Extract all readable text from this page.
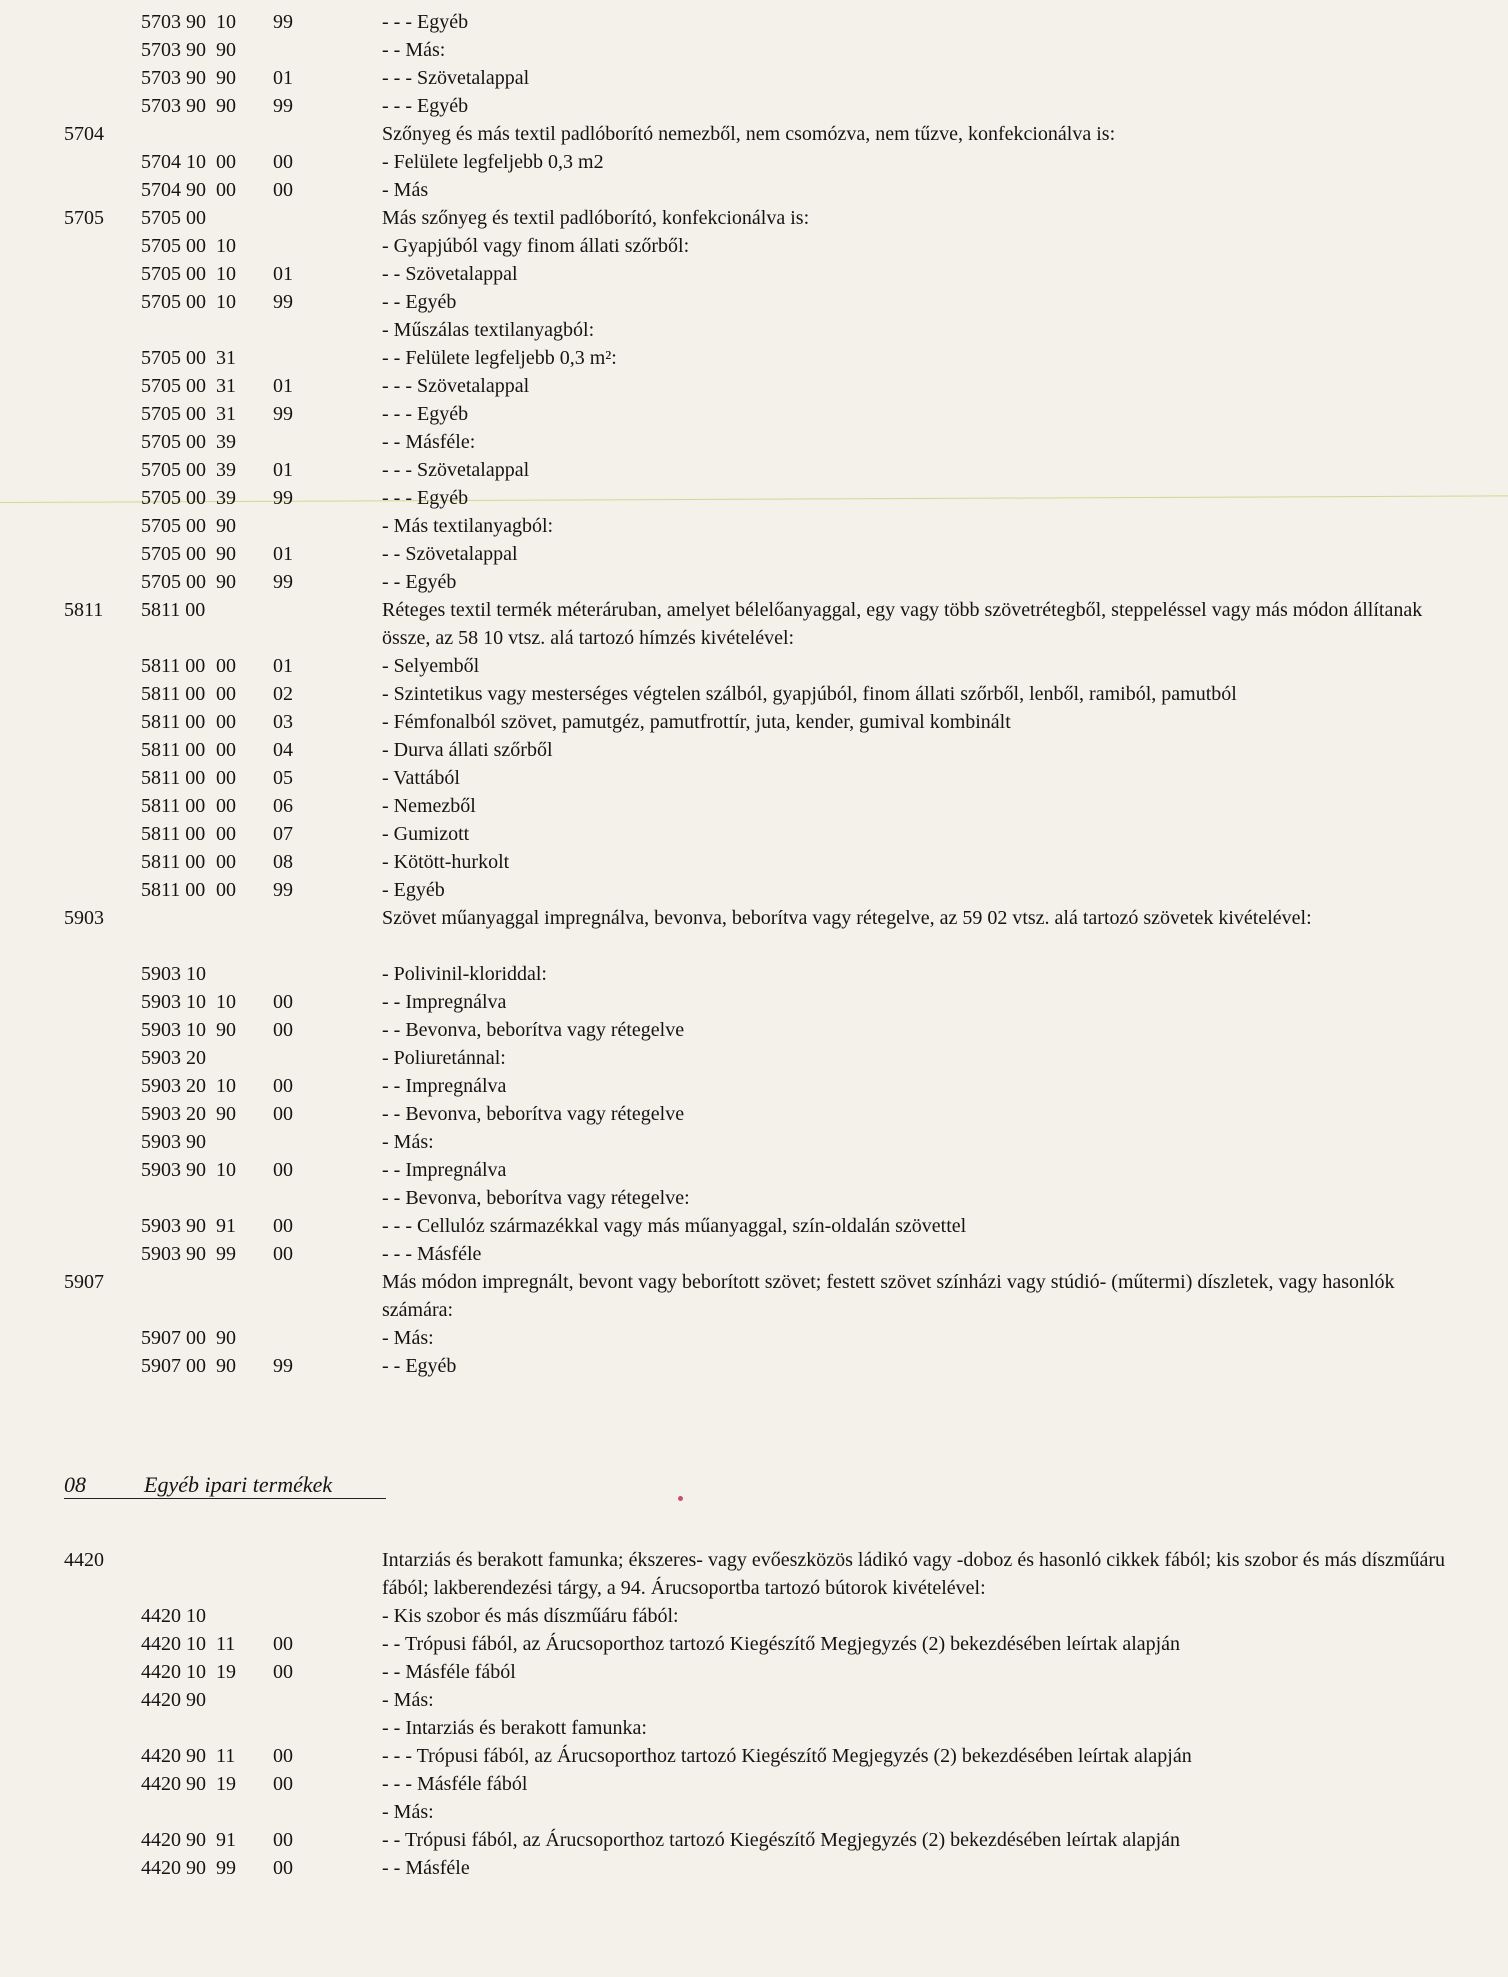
5703 90 10 99	- - - Egyéb
5703 90 90	- - Más:
5703 90 90 01	- - - Szövetalappal
5703 90 90 99	- - - Egyéb
5704	Szőnyeg és más textil padlóborító nemezből, nem csomózva, nem tűzve, konfekcionálva is:
5704 10 00 00	- Felülete legfeljebb 0,3 m2
5704 90 00 00	- Más
5705 5705 00	Más szőnyeg és textil padlóborító, konfekcionálva is:
5705 00 10	- Gyapjúból vagy finom állati szőrből:
5705 00 10 01	- - Szövetalappal
5705 00 10 99	- - Egyéb
- Műszálas textilanyagból:
5705 00 31	- - Felülete legfeljebb 0,3 m²:
5705 00 31 01	- - - Szövetalappal
5705 00 31 99	- - - Egyéb
5705 00 39	- - Másféle:
5705 00 39 01	- - - Szövetalappal
5705 00 39 99	- - - Egyéb
5705 00 90	- Más textilanyagból:
5705 00 90 01	- - Szövetalappal
5705 00 90 99	- - Egyéb
5811 5811 00	Réteges textil termék méteráruban, amelyet bélelőanyaggal, egy vagy több szövetrétegből, steppeléssel vagy más módon állítanak össze, az 58 10 vtsz. alá tartozó hímzés kivételével:
5811 00 00 01	- Selyemből
5811 00 00 02	- Szintetikus vagy mesterséges végtelen szálból, gyapjúból, finom állati szőrből, lenből, ramiból, pamutból
5811 00 00 03	- Fémfonalból szövet, pamutgéz, pamutfrottír, juta, kender, gumival kombinált
5811 00 00 04	- Durva állati szőrből
5811 00 00 05	- Vattából
5811 00 00 06	- Nemezből
5811 00 00 07	- Gumizott
5811 00 00 08	- Kötött-hurkolt
5811 00 00 99	- Egyéb
5903	Szövet műanyaggal impregnálva, bevonva, beborítva vagy rétegelve, az 59 02 vtsz. alá tartozó szövetek kivételével:
5903 10	- Polivinil-kloriddal:
5903 10 10 00	- - Impregnálva
5903 10 90 00	- - Bevonva, beborítva vagy rétegelve
5903 20	- Poliuretánnal:
5903 20 10 00	- - Impregnálva
5903 20 90 00	- - Bevonva, beborítva vagy rétegelve
5903 90	- Más:
5903 90 10 00	- - Impregnálva
- - Bevonva, beborítva vagy rétegelve:
5903 90 91 00	- - - Cellulóz származékkal vagy más műanyaggal, szín-oldalán szövettel
5903 90 99 00	- - - Másféle
5907	Más módon impregnált, bevont vagy beborított szövet; festett szövet színházi vagy stúdió- (műtermi) díszletek, vagy hasonlók számára:
5907 00 90	- Más:
5907 00 90 99	- - Egyéb
08	Egyéb ipari termékek
4420	Intarziás és berakott famunka; ékszeres- vagy evőeszközös ládikó vagy -doboz és hasonló cikkek fából; kis szobor és más díszműáru fából; lakberendezési tárgy, a 94. Árucsoportba tartozó bútorok kivételével:
4420 10	- Kis szobor és más díszműáru fából:
4420 10 11 00	- - Trópusi fából, az Árucsoporthoz tartozó Kiegészítő Megjegyzés (2) bekezdésében leírtak alapján
4420 10 19 00	- - Másféle fából
4420 90	- Más:
- - Intarziás és berakott famunka:
4420 90 11 00	- - - Trópusi fából, az Árucsoporthoz tartozó Kiegészítő Megjegyzés (2) bekezdésében leírtak alapján
4420 90 19 00	- - - Másféle fából
- Más:
4420 90 91 00	- - Trópusi fából, az Árucsoporthoz tartozó Kiegészítő Megjegyzés (2) bekezdésében leírtak alapján
4420 90 99 00	- - Másféle
